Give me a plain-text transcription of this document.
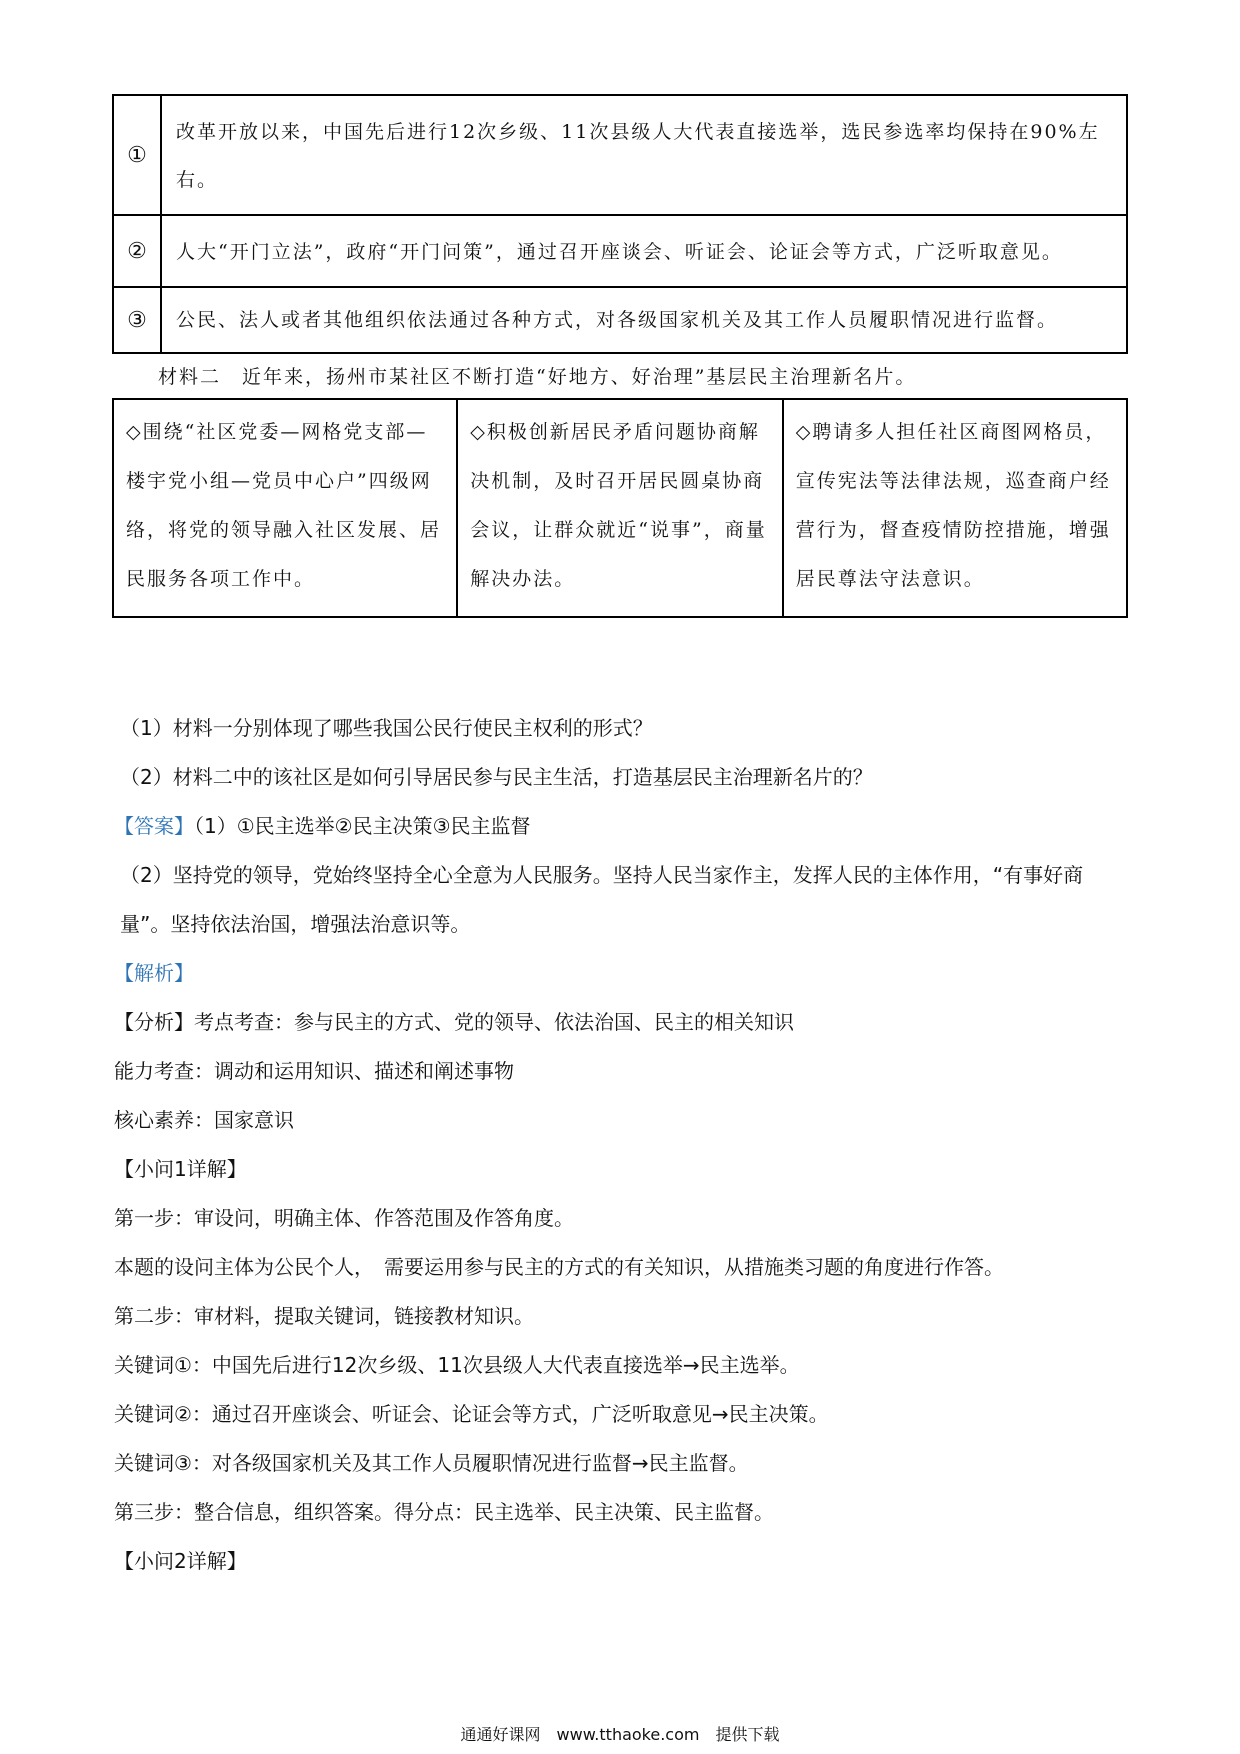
①	改革开放以来，中国先后进行12次乡级、11次县级人大代表直接选举，选民参选率均保持在90%左右。
②	人大“开门立法”，政府“开门问策”，通过召开座谈会、听证会、论证会等方式，广泛听取意见。
③	公民、法人或者其他组织依法通过各种方式，对各级国家机关及其工作人员履职情况进行监督。
材料二　近年来，扬州市某社区不断打造“好地方、好治理”基层民主治理新名片。
◇围绕“社区党委—网格党支部—楼宇党小组—党员中心户”四级网络，将党的领导融入社区发展、居民服务各项工作中。	◇积极创新居民矛盾问题协商解决机制，及时召开居民圆桌协商会议，让群众就近“说事”，商量解决办法。	◇聘请多人担任社区商图网格员，宣传宪法等法律法规，巡查商户经营行为，督查疫情防控措施，增强居民尊法守法意识。

（1）材料一分别体现了哪些我国公民行使民主权利的形式？

（2）材料二中的该社区是如何引导居民参与民主生活，打造基层民主治理新名片的？

【答案】（1）①民主选举②民主决策③民主监督

（2）坚持党的领导，党始终坚持全心全意为人民服务。坚持人民当家作主，发挥人民的主体作用，“有事好商量”。坚持依法治国，增强法治意识等。

【解析】

【分析】考点考查：参与民主的方式、党的领导、依法治国、民主的相关知识

能力考查：调动和运用知识、描述和阐述事物

核心素养：国家意识

【小问1详解】

第一步：审设问，明确主体、作答范围及作答角度。

本题的设问主体为公民个人，　需要运用参与民主的方式的有关知识，从措施类习题的角度进行作答。

第二步：审材料，提取关键词，链接教材知识。

关键词①：中国先后进行12次乡级、11次县级人大代表直接选举→民主选举。

关键词②：通过召开座谈会、听证会、论证会等方式，广泛听取意见→民主决策。

关键词③：对各级国家机关及其工作人员履职情况进行监督→民主监督。

第三步：整合信息，组织答案。得分点：民主选举、民主决策、民主监督。

【小问2详解】

通通好课网　www.tthaoke.com　提供下载
